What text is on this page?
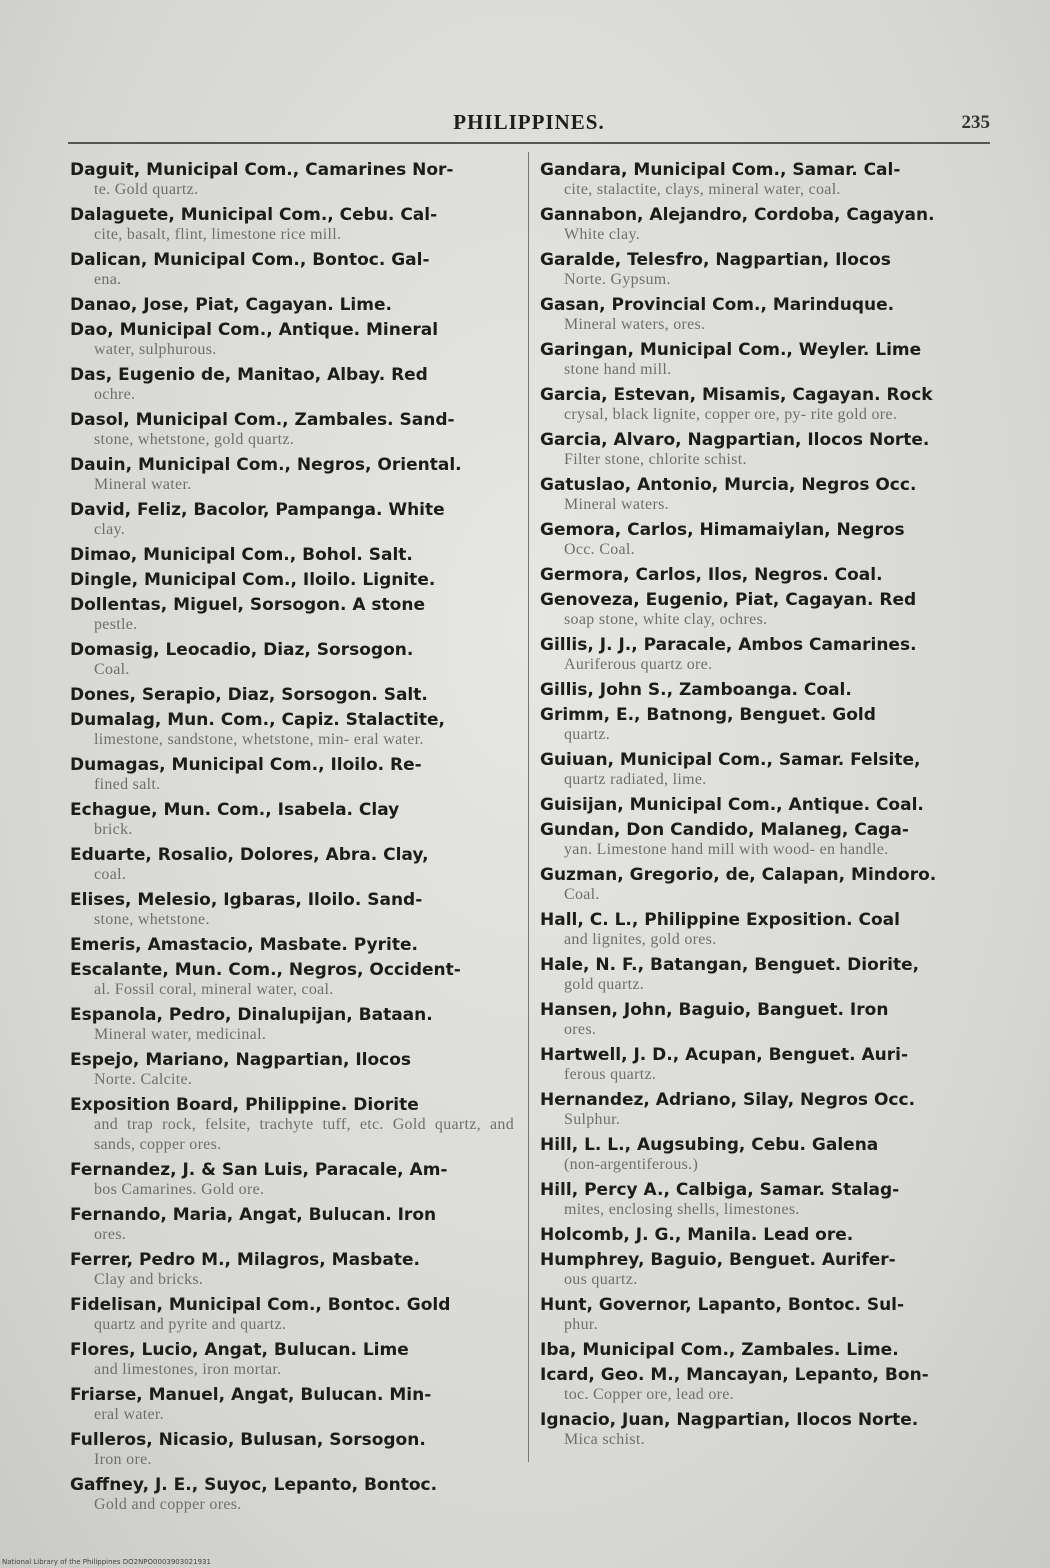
PHILIPPINES.	235
Daguit, Municipal Com., Camarines Nor-
te. Gold quartz.
Dalaguete, Municipal Com., Cebu. Cal-
cite, basalt, flint, limestone rice mill.
Dalican, Municipal Com., Bontoc. Gal-
ena.
Danao, Jose, Piat, Cagayan. Lime.
Dao, Municipal Com., Antique. Mineral
water, sulphurous.
Das, Eugenio de, Manitao, Albay. Red
ochre.
Dasol, Municipal Com., Zambales. Sand-
stone, whetstone, gold quartz.
Dauin, Municipal Com., Negros, Oriental.
Mineral water.
David, Feliz, Bacolor, Pampanga. White
clay.
Dimao, Municipal Com., Bohol. Salt.
Dingle, Municipal Com., Iloilo. Lignite.
Dollentas, Miguel, Sorsogon. A stone
pestle.
Domasig, Leocadio, Diaz, Sorsogon.
Coal.
Dones, Serapio, Diaz, Sorsogon. Salt.
Dumalag, Mun. Com., Capiz. Stalactite,
limestone, sandstone, whetstone, min- eral water.
Dumagas, Municipal Com., Iloilo. Re-
fined salt.
Echague, Mun. Com., Isabela. Clay
brick.
Eduarte, Rosalio, Dolores, Abra. Clay,
coal.
Elises, Melesio, Igbaras, Iloilo. Sand-
stone, whetstone.
Emeris, Amastacio, Masbate. Pyrite.
Escalante, Mun. Com., Negros, Occident-
al. Fossil coral, mineral water, coal.
Espanola, Pedro, Dinalupijan, Bataan.
Mineral water, medicinal.
Espejo, Mariano, Nagpartian, Ilocos
Norte. Calcite.
Exposition Board, Philippine. Diorite
and trap rock, felsite, trachyte tuff, etc. Gold quartz, and sands, copper ores.
Fernandez, J. & San Luis, Paracale, Am-
bos Camarines. Gold ore.
Fernando, Maria, Angat, Bulucan. Iron
ores.
Ferrer, Pedro M., Milagros, Masbate.
Clay and bricks.
Fidelisan, Municipal Com., Bontoc. Gold
quartz and pyrite and quartz.
Flores, Lucio, Angat, Bulucan. Lime
and limestones, iron mortar.
Friarse, Manuel, Angat, Bulucan. Min-
eral water.
Fulleros, Nicasio, Bulusan, Sorsogon.
Iron ore.
Gaffney, J. E., Suyoc, Lepanto, Bontoc.
Gold and copper ores.
Gandara, Municipal Com., Samar. Cal-
cite, stalactite, clays, mineral water, coal.
Gannabon, Alejandro, Cordoba, Cagayan.
White clay.
Garalde, Telesfro, Nagpartian, Ilocos
Norte. Gypsum.
Gasan, Provincial Com., Marinduque.
Mineral waters, ores.
Garingan, Municipal Com., Weyler. Lime
stone hand mill.
Garcia, Estevan, Misamis, Cagayan. Rock
crysal, black lignite, copper ore, py- rite gold ore.
Garcia, Alvaro, Nagpartian, Ilocos Norte.
Filter stone, chlorite schist.
Gatuslao, Antonio, Murcia, Negros Occ.
Mineral waters.
Gemora, Carlos, Himamaiylan, Negros
Occ. Coal.
Germora, Carlos, Ilos, Negros. Coal.
Genoveza, Eugenio, Piat, Cagayan. Red
soap stone, white clay, ochres.
Gillis, J. J., Paracale, Ambos Camarines.
Auriferous quartz ore.
Gillis, John S., Zamboanga. Coal.
Grimm, E., Batnong, Benguet. Gold
quartz.
Guiuan, Municipal Com., Samar. Felsite,
quartz radiated, lime.
Guisijan, Municipal Com., Antique. Coal.
Gundan, Don Candido, Malaneg, Caga-
yan. Limestone hand mill with wood- en handle.
Guzman, Gregorio, de, Calapan, Mindoro.
Coal.
Hall, C. L., Philippine Exposition. Coal
and lignites, gold ores.
Hale, N. F., Batangan, Benguet. Diorite,
gold quartz.
Hansen, John, Baguio, Banguet. Iron
ores.
Hartwell, J. D., Acupan, Benguet. Auri-
ferous quartz.
Hernandez, Adriano, Silay, Negros Occ.
Sulphur.
Hill, L. L., Augsubing, Cebu. Galena
(non-argentiferous.)
Hill, Percy A., Calbiga, Samar. Stalag-
mites, enclosing shells, limestones.
Holcomb, J. G., Manila. Lead ore.
Humphrey, Baguio, Benguet. Aurifer-
ous quartz.
Hunt, Governor, Lapanto, Bontoc. Sul-
phur.
Iba, Municipal Com., Zambales. Lime.
Icard, Geo. M., Mancayan, Lepanto, Bon-
toc. Copper ore, lead ore.
Ignacio, Juan, Nagpartian, Ilocos Norte.
Mica schist.
National Library of the Philippines DO2NPO0003903021931
